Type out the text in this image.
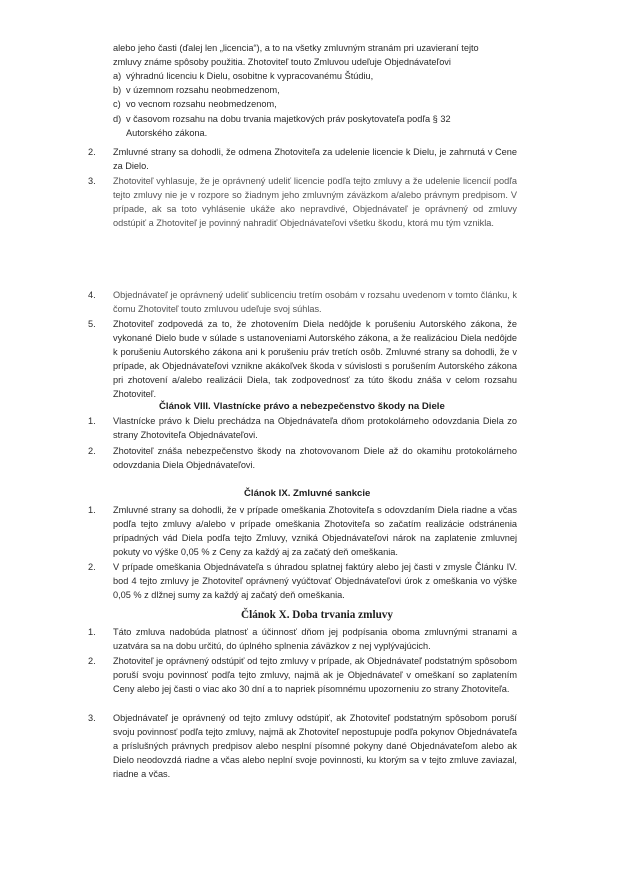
alebo jeho časti (ďalej len „licencia“), a to na všetky zmluvným stranám pri uzavieraní tejto
zmluvy známe spôsoby použitia. Zhotoviteľ touto Zmluvou udeľuje Objednávateľovi
a) výhradnú licenciu k Dielu, osobitne k vypracovanému Štúdiu,
b) v územnom rozsahu neobmedzenom,
c) vo vecnom rozsahu neobmedzenom,
d) v časovom rozsahu na dobu trvania majetkových práv poskytovateľa podľa § 32 Autorského zákona.
2. Zmluvné strany sa dohodli, že odmena Zhotoviteľa za udelenie licencie k Dielu, je zahrnutá v Cene za Dielo.
3. Zhotoviteľ vyhlasuje, že je oprávnený udeliť licencie podľa tejto zmluvy a že udelenie licencií podľa tejto zmluvy nie je v rozpore so žiadnym jeho zmluvným záväzkom a/alebo právnym predpisom. V prípade, ak sa toto vyhlásenie ukáže ako nepravdivé, Objednávateľ je oprávnený od zmluvy odstúpiť a Zhotoviteľ je povinný nahradiť Objednávateľovi všetku škodu, ktorá mu tým vznikla.
4. Objednávateľ je oprávnený udeliť sublicenciu tretím osobám v rozsahu uvedenom v tomto článku, k čomu Zhotoviteľ touto zmluvou udeľuje svoj súhlas.
5. Zhotoviteľ zodpovedá za to, že zhotovením Diela nedôjde k porušeniu Autorského zákona, že vykonané Dielo bude v súlade s ustanoveniami Autorského zákona, a že realizáciou Diela nedôjde k porušeniu Autorského zákona ani k porušeniu práv tretích osôb. Zmluvné strany sa dohodli, že v prípade, ak Objednávateľovi vznikne akákoľvek škoda v súvislosti s porušením Autorského zákona pri zhotovení a/alebo realizácii Diela, tak zodpovednosť za túto škodu znáša v celom rozsahu Zhotoviteľ.
Článok VIII. Vlastnícke právo a nebezpečenstvo škody na Diele
1. Vlastnícke právo k Dielu prechádza na Objednávateľa dňom protokolárneho odovzdania Diela zo strany Zhotoviteľa Objednávateľovi.
2. Zhotoviteľ znáša nebezpečenstvo škody na zhotovovanom Diele až do okamihu protokolárneho odovzdania Diela Objednávateľovi.
Článok IX. Zmluvné sankcie
1. Zmluvné strany sa dohodli, že v prípade omeškania Zhotoviteľa s odovzdaním Diela riadne a včas podľa tejto zmluvy a/alebo v prípade omeškania Zhotoviteľa so začatím realizácie odstránenia prípadných vád Diela podľa tejto Zmluvy, vzniká Objednávateľovi nárok na zaplatenie zmluvnej pokuty vo výške 0,05 % z Ceny za každý aj za začatý deň omeškania.
2. V prípade omeškania Objednávateľa s úhradou splatnej faktúry alebo jej časti v zmysle Článku IV. bod 4 tejto zmluvy je Zhotoviteľ oprávnený vyúčtovať Objednávateľovi úrok z omeškania vo výške 0,05 % z dlžnej sumy za každý aj začatý deň omeškania.
Článok X. Doba trvania zmluvy
1. Táto zmluva nadobúda platnosť a účinnosť dňom jej podpísania oboma zmluvnými stranami a uzatvára sa na dobu určitú, do úplného splnenia záväzkov z nej vyplývajúcich.
2. Zhotoviteľ je oprávnený odstúpiť od tejto zmluvy v prípade, ak Objednávateľ podstatným spôsobom poruší svoju povinnosť podľa tejto zmluvy, najmä ak je Objednávateľ v omeškaní so zaplatením Ceny alebo jej časti o viac ako 30 dní a to napriek písomnému upozorneniu zo strany Zhotoviteľa.
3. Objednávateľ je oprávnený od tejto zmluvy odstúpiť, ak Zhotoviteľ podstatným spôsobom poruší svoju povinnosť podľa tejto zmluvy, najmä ak Zhotoviteľ nepostupuje podľa pokynov Objednávateľa a príslušných právnych predpisov alebo nesplní písomné pokyny dané Objednávateľom alebo ak Dielo neodovzdá riadne a včas alebo neplní svoje povinnosti, ku ktorým sa v tejto zmluve zaviazal, riadne a včas.
